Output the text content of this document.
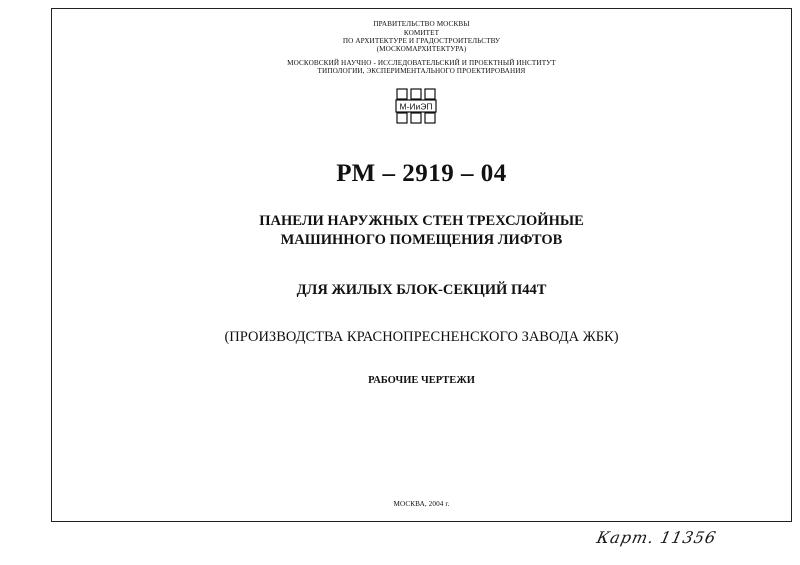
ПРАВИТЕЛЬСТВО МОСКВЫ
КОМИТЕТ
ПО АРХИТЕКТУРЕ И ГРАДОСТРОИТЕЛЬСТВУ
(МОСКОМАРХИТЕКТУРА)
МОСКОВСКИЙ НАУЧНО - ИССЛЕДОВАТЕЛЬСКИЙ И ПРОЕКТНЫЙ ИНСТИТУТ
ТИПОЛОГИИ, ЭКСПЕРИМЕНТАЛЬНОГО ПРОЕКТИРОВАНИЯ
М-ИиЭП
РМ – 2919 – 04
ПАНЕЛИ НАРУЖНЫХ СТЕН ТРЕХСЛОЙНЫЕ
МАШИННОГО ПОМЕЩЕНИЯ ЛИФТОВ
ДЛЯ ЖИЛЫХ БЛОК-СЕКЦИЙ П44Т
(ПРОИЗВОДСТВА КРАСНОПРЕСНЕНСКОГО ЗАВОДА ЖБК)
РАБОЧИЕ ЧЕРТЕЖИ
МОСКВА, 2004 г.
Карт. 11356
